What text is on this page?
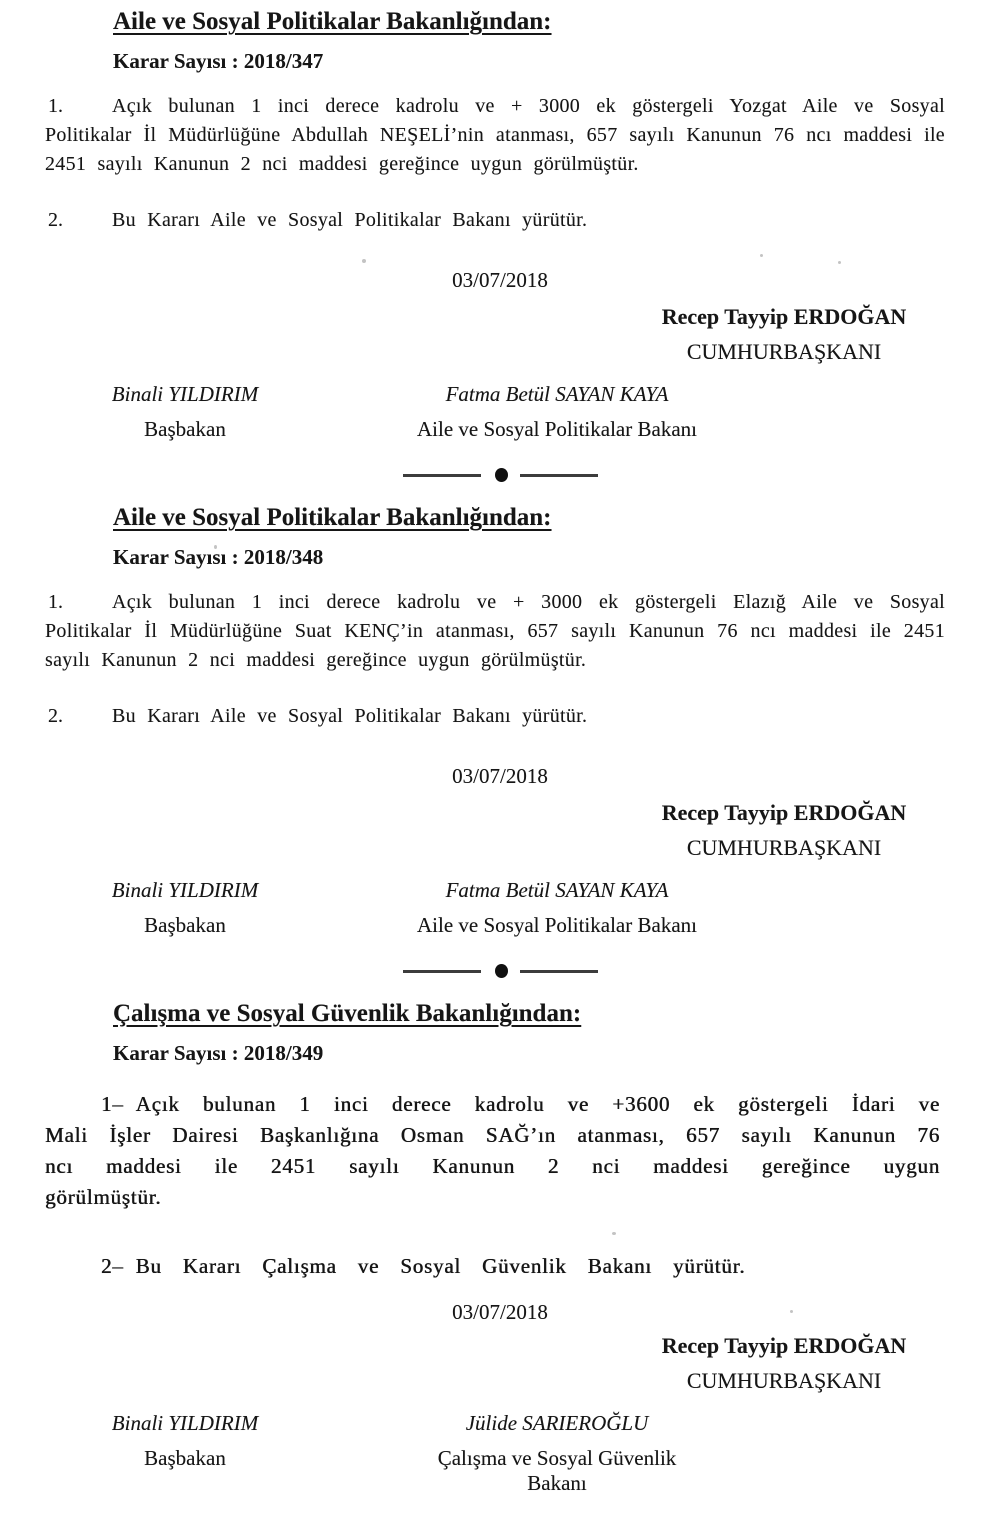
Aile ve Sosyal Politikalar Bakanlığından:
Karar Sayısı : 2018/347

1. Açık bulunan 1 inci derece kadrolu ve + 3000 ek göstergeli Yozgat Aile ve Sosyal Politikalar İl Müdürlüğüne Abdullah NEŞELİ’nin atanması, 657 sayılı Kanunun 76 ncı maddesi ile 2451 sayılı Kanunun 2 nci maddesi gereğince uygun görülmüştür.

2. Bu Kararı Aile ve Sosyal Politikalar Bakanı yürütür.

03/07/2018
Recep Tayyip ERDOĞAN
CUMHURBAŞKANI
Binali YILDIRIM	Fatma Betül SAYAN KAYA
Başbakan	Aile ve Sosyal Politikalar Bakanı
Aile ve Sosyal Politikalar Bakanlığından:
Karar Sayısı : 2018/348

1. Açık bulunan 1 inci derece kadrolu ve + 3000 ek göstergeli Elazığ Aile ve Sosyal Politikalar İl Müdürlüğüne Suat KENÇ’in atanması, 657 sayılı Kanunun 76 ncı maddesi ile 2451 sayılı Kanunun 2 nci maddesi gereğince uygun görülmüştür.

2. Bu Kararı Aile ve Sosyal Politikalar Bakanı yürütür.

03/07/2018
Recep Tayyip ERDOĞAN
CUMHURBAŞKANI
Binali YILDIRIM	Fatma Betül SAYAN KAYA
Başbakan	Aile ve Sosyal Politikalar Bakanı
Çalışma ve Sosyal Güvenlik Bakanlığından:
Karar Sayısı : 2018/349

1– Açık bulunan 1 inci derece kadrolu ve +3600 ek göstergeli İdari ve Mali İşler Dairesi Başkanlığına Osman SAĞ’ın atanması, 657 sayılı Kanunun 76 ncı maddesi ile 2451 sayılı Kanunun 2 nci maddesi gereğince uygun görülmüştür.

2– Bu Kararı Çalışma ve Sosyal Güvenlik Bakanı yürütür.

03/07/2018
Recep Tayyip ERDOĞAN
CUMHURBAŞKANI
Binali YILDIRIM	Jülide SARIEROĞLU
Başbakan	Çalışma ve Sosyal Güvenlik Bakanı
